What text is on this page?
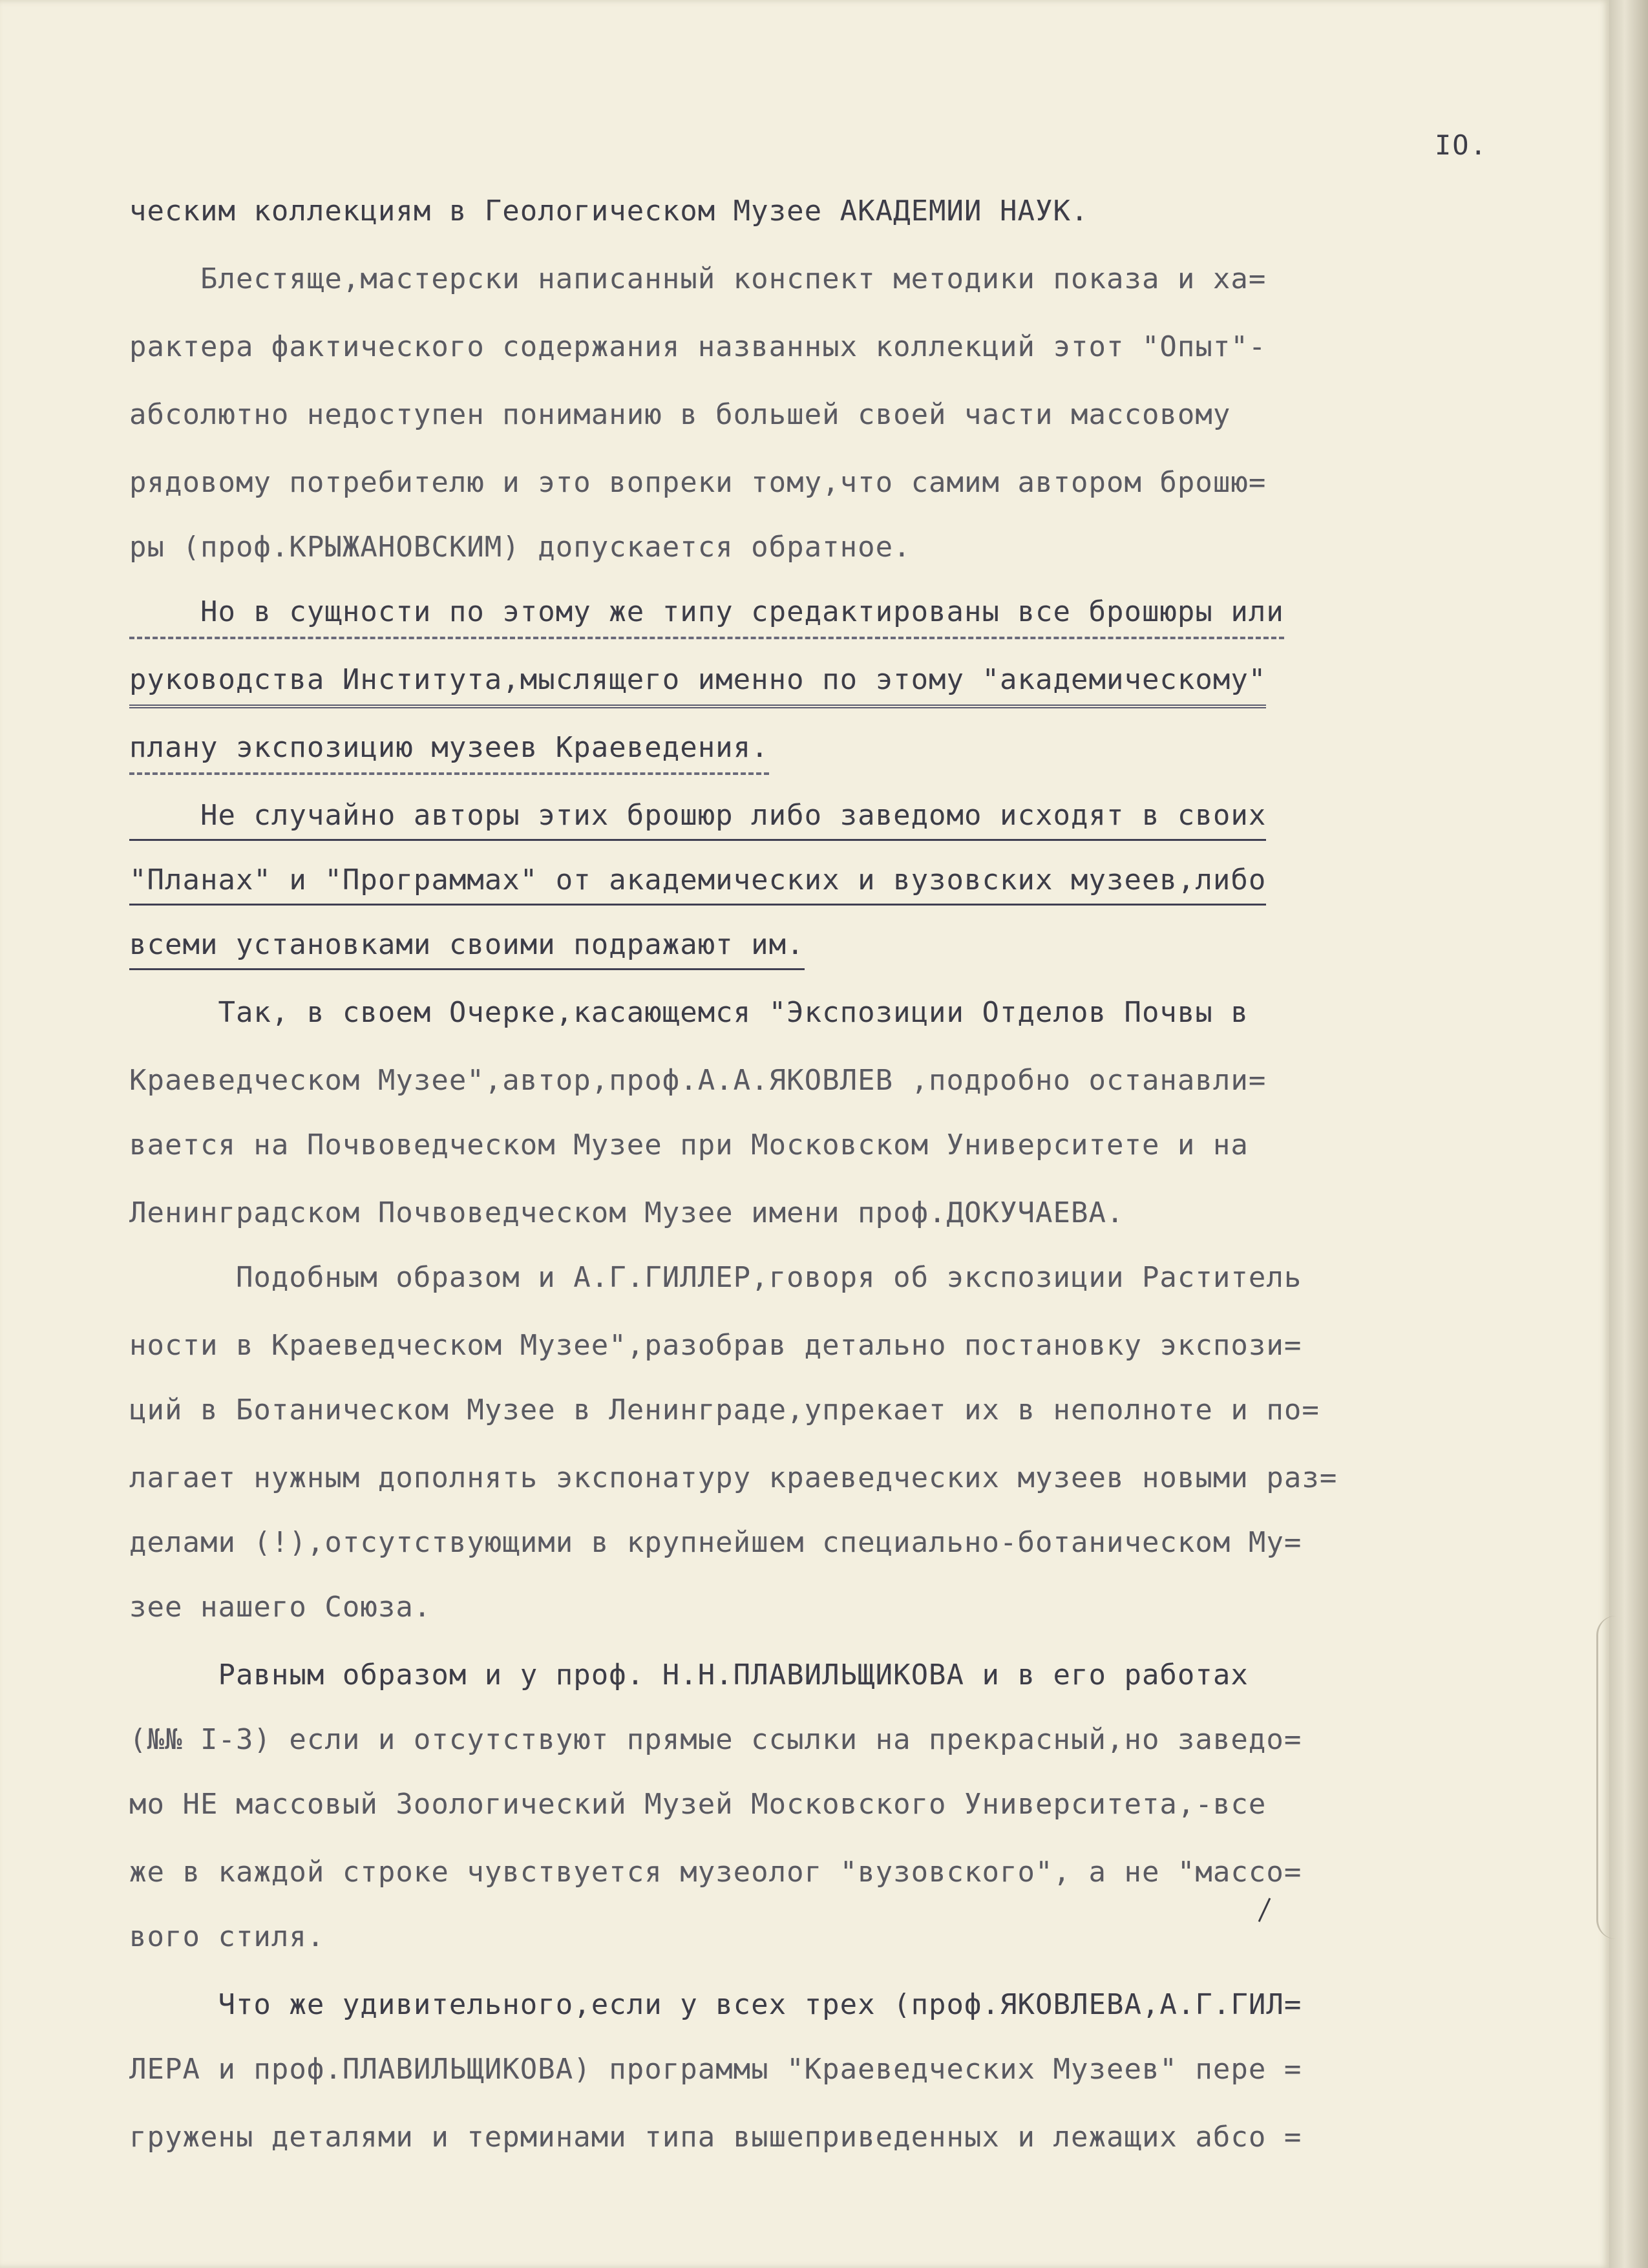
IO.
ческим коллекциям в Геологическом Музее АКАДЕМИИ НАУК.
Блестяще,мастерски написанный конспект методики показа и ха=
рактера фактического содержания названных коллекций этот "Опыт"-
абсолютно недоступен пониманию в большей своей части массовому
рядовому потребителю и это вопреки тому,что самим автором брошю=
ры (проф.КРЫЖАНОВСКИМ) допускается обратное.
Но в сущности по этому же типу средактированы все брошюры или
руководства Института,мыслящего именно по этому "академическому"
плану экспозицию музеев Краеведения.
Не случайно авторы этих брошюр либо заведомо исходят в своих
"Планах" и "Программах" от академических и вузовских музеев,либо
всеми установками своими подражают им.
Так, в своем Очерке,касающемся "Экспозиции Отделов Почвы в
Краеведческом Музее",автор,проф.А.А.ЯКОВЛЕВ ,подробно останавли=
вается на Почвоведческом Музее при Московском Университете и на
Ленинградском Почвоведческом Музее имени проф.ДОКУЧАЕВА.
Подобным образом и А.Г.ГИЛЛЕР,говоря об экспозиции Раститель
ности в Краеведческом Музее",разобрав детально постановку экспози=
ций в Ботаническом Музее в Ленинграде,упрекает их в неполноте и по=
лагает нужным дополнять экспонатуру краеведческих музеев новыми раз=
делами (!),отсутствующими в крупнейшем специально-ботаническом Му=
зее нашего Союза.
Равным образом и у проф. Н.Н.ПЛАВИЛЬЩИКОВА и в его работах
(№№ I-3) если и отсутствуют прямые ссылки на прекрасный,но заведо=
мо НЕ массовый Зоологический Музей Московского Университета,-все
же в каждой строке чувствуется музеолог "вузовского", а не "массо=
вого стиля.
Что же удивительного,если у всех трех (проф.ЯКОВЛЕВА,А.Г.ГИЛ=
ЛЕРА и проф.ПЛАВИЛЬЩИКОВА) программы "Краеведческих Музеев" пере =
гружены деталями и терминами типа вышеприведенных и лежащих абсо =
